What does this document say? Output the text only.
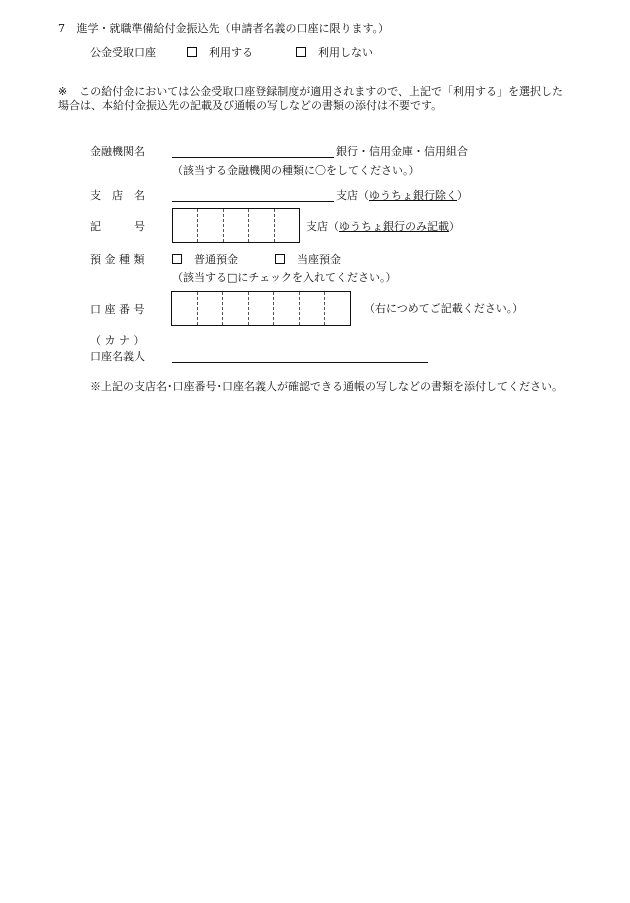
7 進学・就職準備給付金振込先（申請者名義の口座に限ります。）
公金受取口座	利用する	利用しない
※ この給付金においては公金受取口座登録制度が適用されますので、上記で「利用する」を選択した
場合は、本給付金振込先の記載及び通帳の写しなどの書類の添付は不要です。
金融機関名	銀行・信用金庫・信用組合
（該当する金融機関の種類に〇をしてください。）
支　店　名	支店（ゆうちょ銀行除く）
記　　　号	支店（ゆうちょ銀行のみ記載）
預 金 種 類	普通預金	当座預金
（該当する□にチェックを入れてください。）
口 座 番 号	（右につめてご記載ください。）
（ カ ナ ）
口座名義人
※上記の支店名･口座番号･口座名義人が確認できる通帳の写しなどの書類を添付してください。
